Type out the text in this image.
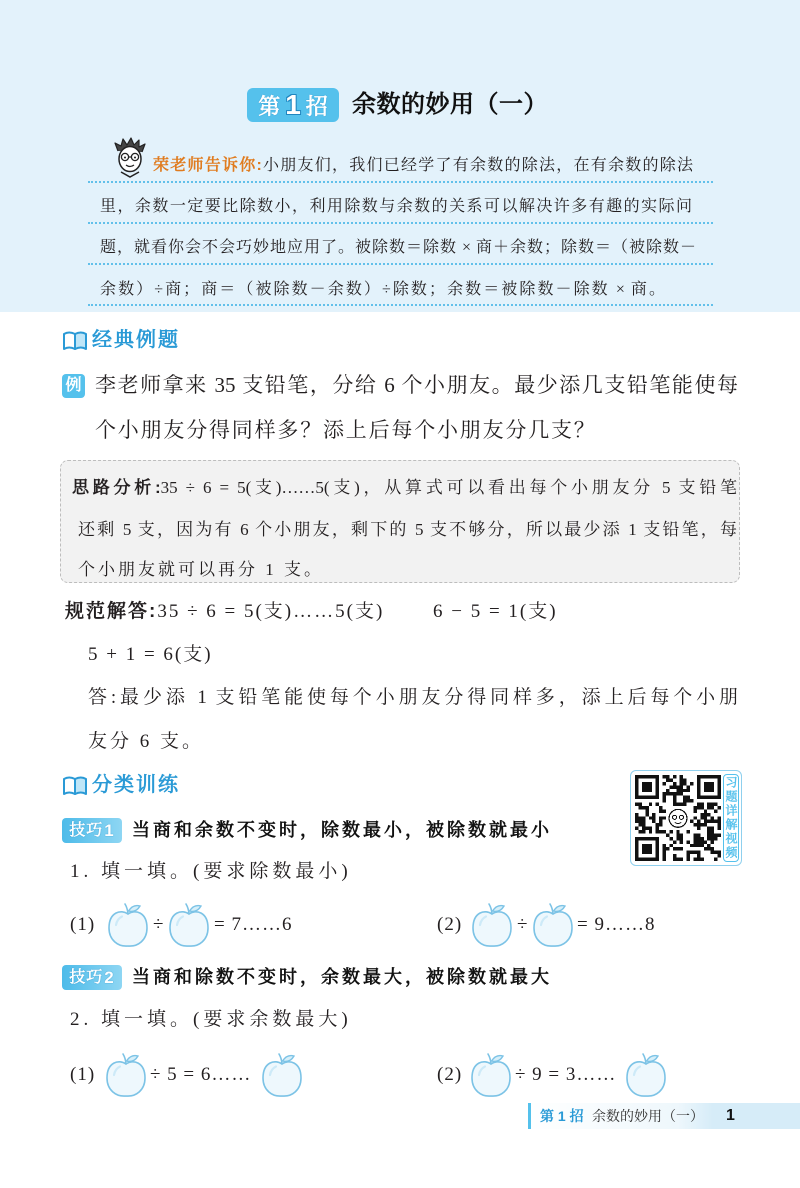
第 1 招 余数的妙用（一）
荣老师告诉你:小朋友们，我们已经学了有余数的除法，在有余数的除法
里，余数一定要比除数小，利用除数与余数的关系可以解决许多有趣的实际问
题，就看你会不会巧妙地应用了。被除数＝除数 × 商＋余数；除数＝（被除数－
余数）÷商；商＝（被除数－余数）÷除数；余数＝被除数－除数 × 商。
经典例题
例 李老师拿来 35 支铅笔，分给 6 个小朋友。最少添几支铅笔能使每
个小朋友分得同样多？添上后每个小朋友分几支？
思路分析:35 ÷ 6 = 5(支)……5(支)，从算式可以看出每个小朋友分 5 支铅笔
还剩 5 支，因为有 6 个小朋友，剩下的 5 支不够分，所以最少添 1 支铅笔，每
个小朋友就可以再分 1 支。
规范解答:35 ÷ 6 = 5(支)……5(支)	6 − 5 = 1(支)
5 + 1 = 6(支)
答:最少添 1 支铅笔能使每个小朋友分得同样多，添上后每个小朋
友分 6 支。
分类训练	习题详解视频
技巧 1 当商和余数不变时，除数最小，被除数就最小
1. 填一填。(要求除数最小)
(1)	÷	= 7……6	(2)	÷	= 9……8
技巧 2 当商和除数不变时，余数最大，被除数就最大
2. 填一填。(要求余数最大)
(1)	÷ 5 = 6……	(2)	÷ 9 = 3……
第 1 招 余数的妙用（一） 1
